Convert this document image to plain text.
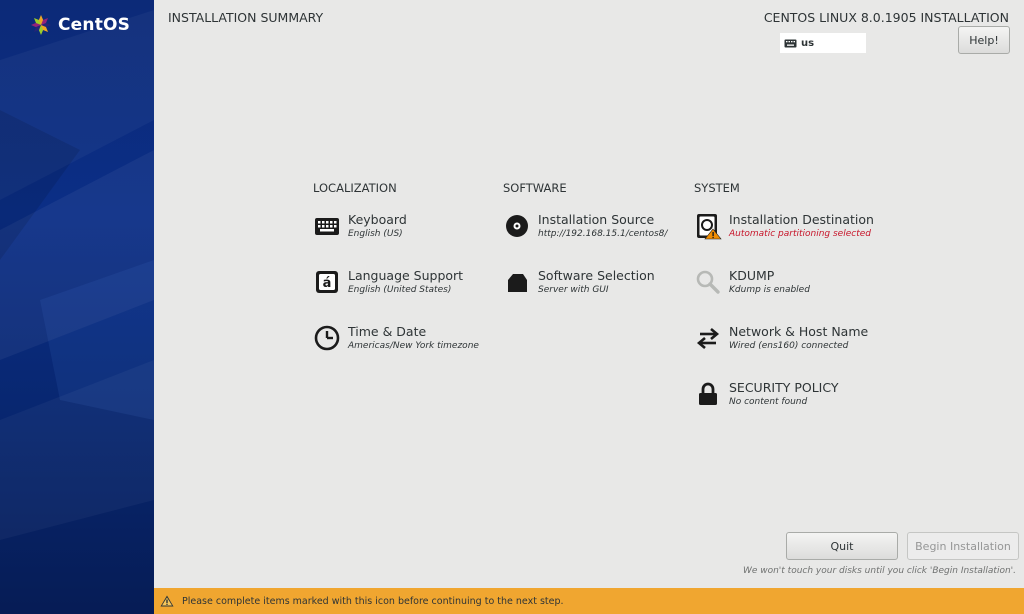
CentOS	INSTALLATION SUMMARY	CENTOS LINUX 8.0.1905 INSTALLATION
us	Help!
LOCALIZATION
Keyboard
English (US)
á
Language Support
English (United States)
Time & Date
Americas/New York timezone
SOFTWARE
Installation Source
http://192.168.15.1/centos8/
Software Selection
Server with GUI
SYSTEM
Installation Destination
Automatic partitioning selected
KDUMP
Kdump is enabled
Network & Host Name
Wired (ens160) connected
SECURITY POLICY
No content found
Quit	Begin Installation
We won't touch your disks until you click 'Begin Installation'.
Please complete items marked with this icon before continuing to the next step.
